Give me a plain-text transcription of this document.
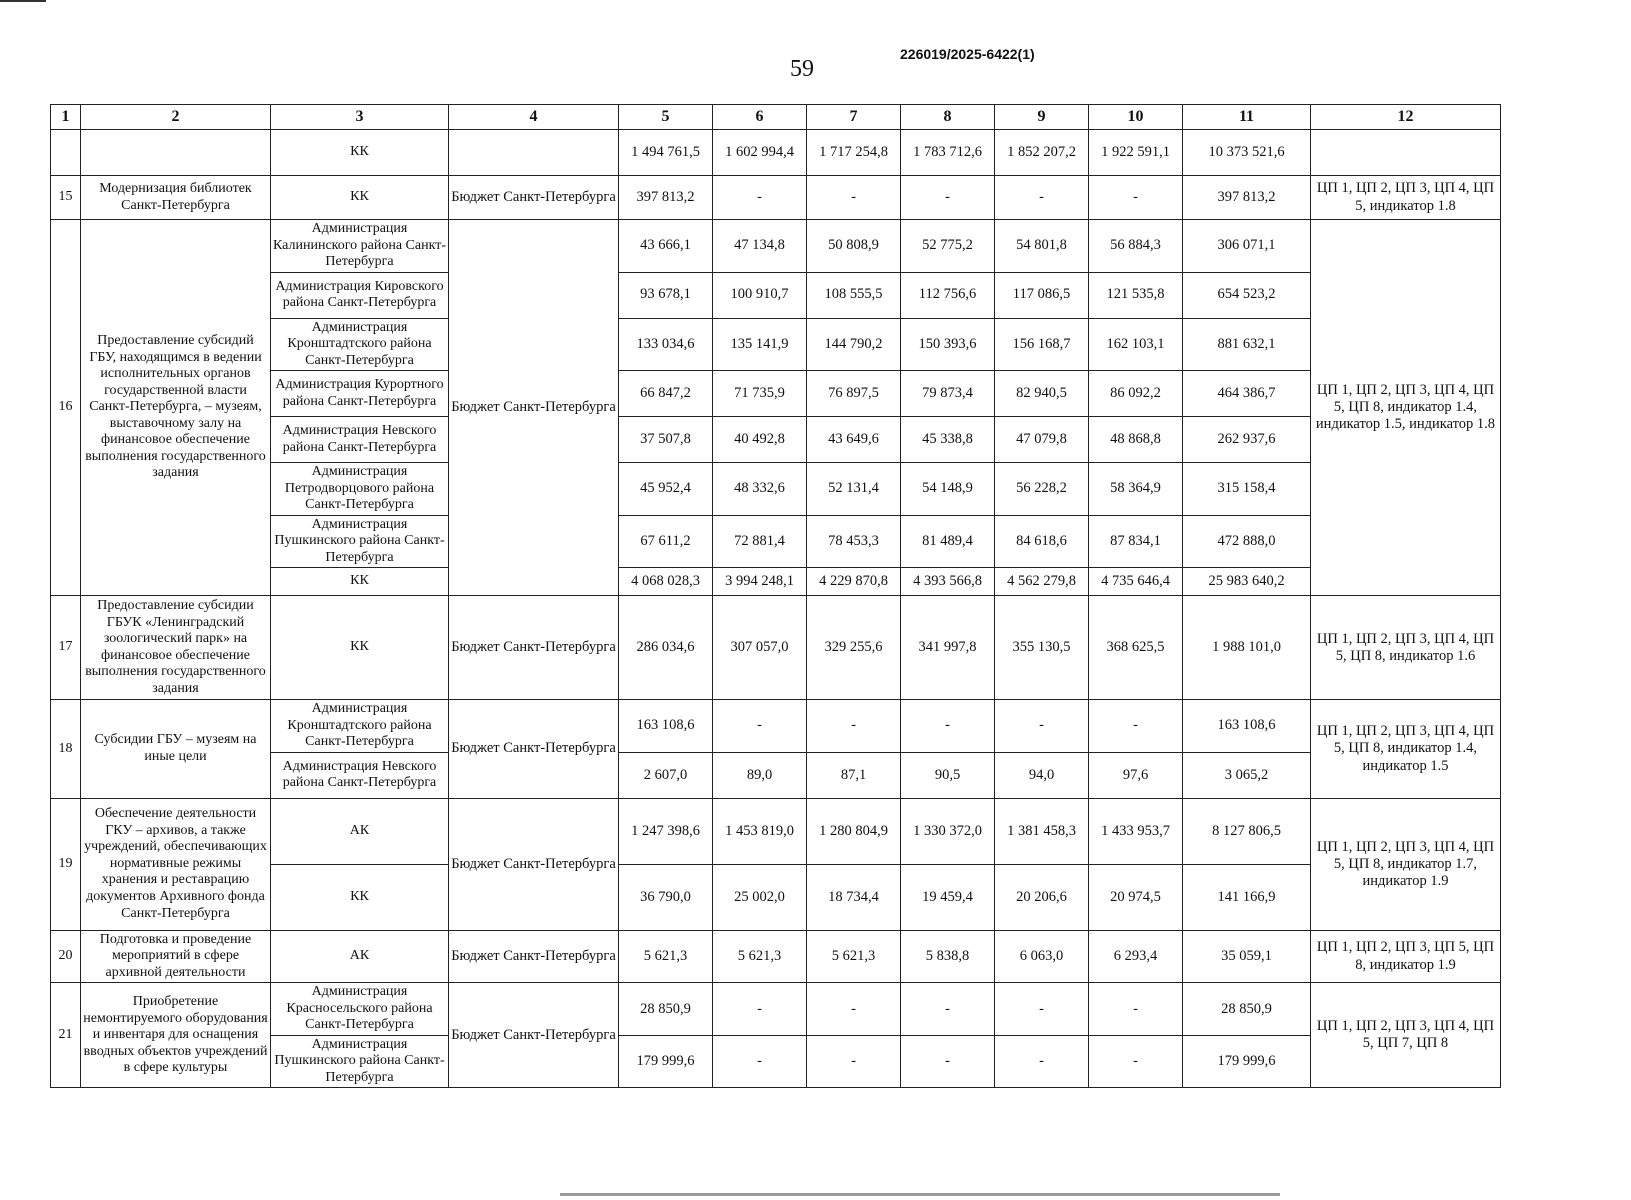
59
226019/2025-6422(1)
1	2	3	4	5	6	7	8	9	10	11	12
		КК		1 494 761,5	1 602 994,4	1 717 254,8	1 783 712,6	1 852 207,2	1 922 591,1	10 373 521,6	
15	Модернизация библиотек Санкт-Петербурга	КК	Бюджет Санкт-Петербурга	397 813,2	-	-	-	-	-	397 813,2	ЦП 1, ЦП 2, ЦП 3, ЦП 4, ЦП 5, индикатор 1.8
16	Предоставление субсидий ГБУ, находящимся в ведении исполнительных органов государственной власти Санкт-Петербурга, – музеям, выставочному залу на финансовое обеспечение выполнения государственного задания	Администрация Калининского района Санкт-Петербурга	Бюджет Санкт-Петербурга	43 666,1	47 134,8	50 808,9	52 775,2	54 801,8	56 884,3	306 071,1	ЦП 1, ЦП 2, ЦП 3, ЦП 4, ЦП 5, ЦП 8, индикатор 1.4, индикатор 1.5, индикатор 1.8
		Администрация Кировского района Санкт-Петербурга		93 678,1	100 910,7	108 555,5	112 756,6	117 086,5	121 535,8	654 523,2	
		Администрация Кронштадтского района Санкт-Петербурга		133 034,6	135 141,9	144 790,2	150 393,6	156 168,7	162 103,1	881 632,1	
		Администрация Курортного района Санкт-Петербурга		66 847,2	71 735,9	76 897,5	79 873,4	82 940,5	86 092,2	464 386,7	
		Администрация Невского района Санкт-Петербурга		37 507,8	40 492,8	43 649,6	45 338,8	47 079,8	48 868,8	262 937,6	
		Администрация Петродворцового района Санкт-Петербурга		45 952,4	48 332,6	52 131,4	54 148,9	56 228,2	58 364,9	315 158,4	
		Администрация Пушкинского района Санкт-Петербурга		67 611,2	72 881,4	78 453,3	81 489,4	84 618,6	87 834,1	472 888,0	
		КК		4 068 028,3	3 994 248,1	4 229 870,8	4 393 566,8	4 562 279,8	4 735 646,4	25 983 640,2	
17	Предоставление субсидии ГБУК «Ленинградский зоологический парк» на финансовое обеспечение выполнения государственного задания	КК	Бюджет Санкт-Петербурга	286 034,6	307 057,0	329 255,6	341 997,8	355 130,5	368 625,5	1 988 101,0	ЦП 1, ЦП 2, ЦП 3, ЦП 4, ЦП 5, ЦП 8, индикатор 1.6
18	Субсидии ГБУ – музеям на иные цели	Администрация Кронштадтского района Санкт-Петербурга	Бюджет Санкт-Петербурга	163 108,6	-	-	-	-	-	163 108,6	ЦП 1, ЦП 2, ЦП 3, ЦП 4, ЦП 5, ЦП 8, индикатор 1.4, индикатор 1.5
		Администрация Невского района Санкт-Петербурга		2 607,0	89,0	87,1	90,5	94,0	97,6	3 065,2	
19	Обеспечение деятельности ГКУ – архивов, а также учреждений, обеспечивающих нормативные режимы хранения и реставрацию документов Архивного фонда Санкт-Петербурга	АК	Бюджет Санкт-Петербурга	1 247 398,6	1 453 819,0	1 280 804,9	1 330 372,0	1 381 458,3	1 433 953,7	8 127 806,5	ЦП 1, ЦП 2, ЦП 3, ЦП 4, ЦП 5, ЦП 8, индикатор 1.7, индикатор 1.9
		КК		36 790,0	25 002,0	18 734,4	19 459,4	20 206,6	20 974,5	141 166,9	
20	Подготовка и проведение мероприятий в сфере архивной деятельности	АК	Бюджет Санкт-Петербурга	5 621,3	5 621,3	5 621,3	5 838,8	6 063,0	6 293,4	35 059,1	ЦП 1, ЦП 2, ЦП 3, ЦП 5, ЦП 8, индикатор 1.9
21	Приобретение немонтируемого оборудования и инвентаря для оснащения вводных объектов учреждений в сфере культуры	Администрация Красносельского района Санкт-Петербурга	Бюджет Санкт-Петербурга	28 850,9	-	-	-	-	-	28 850,9	ЦП 1, ЦП 2, ЦП 3, ЦП 4, ЦП 5, ЦП 7, ЦП 8
		Администрация Пушкинского района Санкт-Петербурга		179 999,6	-	-	-	-	-	179 999,6	
